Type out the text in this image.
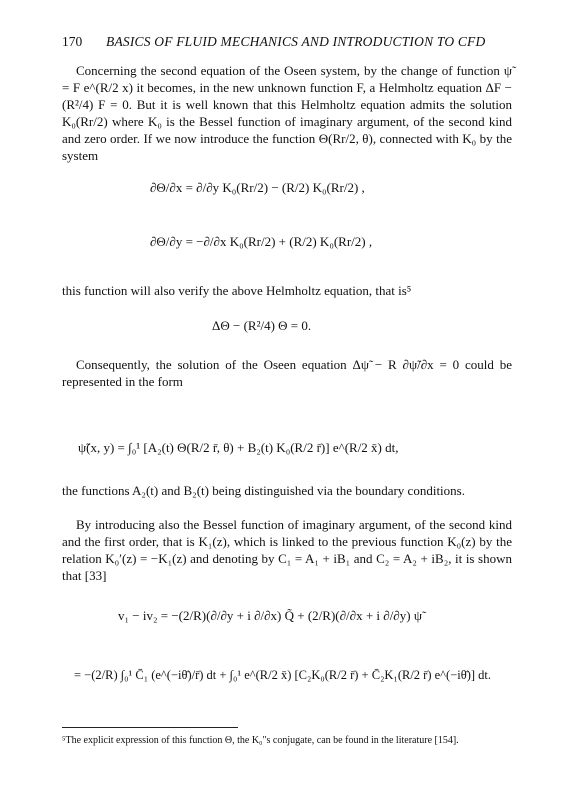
170 BASICS OF FLUID MECHANICS AND INTRODUCTION TO CFD
Concerning the second equation of the Oseen system, by the change of function ψ̃ = F e^(R/2 x) it becomes, in the new unknown function F, a Helmholtz equation ΔF − (R²/4) F = 0. But it is well known that this Helmholtz equation admits the solution K₀(Rr/2) where K₀ is the Bessel function of imaginary argument, of the second kind and zero order. If we now introduce the function Θ(Rr/2, θ), connected with K₀ by the system
∂Θ/∂x = ∂/∂y K₀(Rr/2) − (R/2) K₀(Rr/2) ,
∂Θ/∂y = −∂/∂x K₀(Rr/2) + (R/2) K₀(Rr/2) ,
this function will also verify the above Helmholtz equation, that is⁵
ΔΘ − (R²/4) Θ = 0.
Consequently, the solution of the Oseen equation Δψ̃ − R ∂ψ̃/∂x = 0 could be represented in the form
ψ̃(x, y) = ∫₀¹ [A₂(t) Θ(R/2 r̄, θ) + B₂(t) K₀(R/2 r̄)] e^(R/2 x̄) dt,
the functions A₂(t) and B₂(t) being distinguished via the boundary conditions.
By introducing also the Bessel function of imaginary argument, of the second kind and the first order, that is K₁(z), which is linked to the previous function K₀(z) by the relation K₀′(z) = −K₁(z) and denoting by C₁ = A₁ + iB₁ and C₂ = A₂ + iB₂, it is shown that [33]
v₁ − iv₂ = −(2/R)(∂/∂y + i ∂/∂x) Q̃ + (2/R)(∂/∂x + i ∂/∂y) ψ̃
= −(2/R) ∫₀¹ C̄₁ (e^(−iθ̄)/r̄) dt + ∫₀¹ e^(R/2 x̄) [C₂K₀(R/2 r̄) + C̄₂K₁(R/2 r̄) e^(−iθ̄)] dt.
⁵The explicit expression of this function Θ, the K₀′'s conjugate, can be found in the literature [154].
